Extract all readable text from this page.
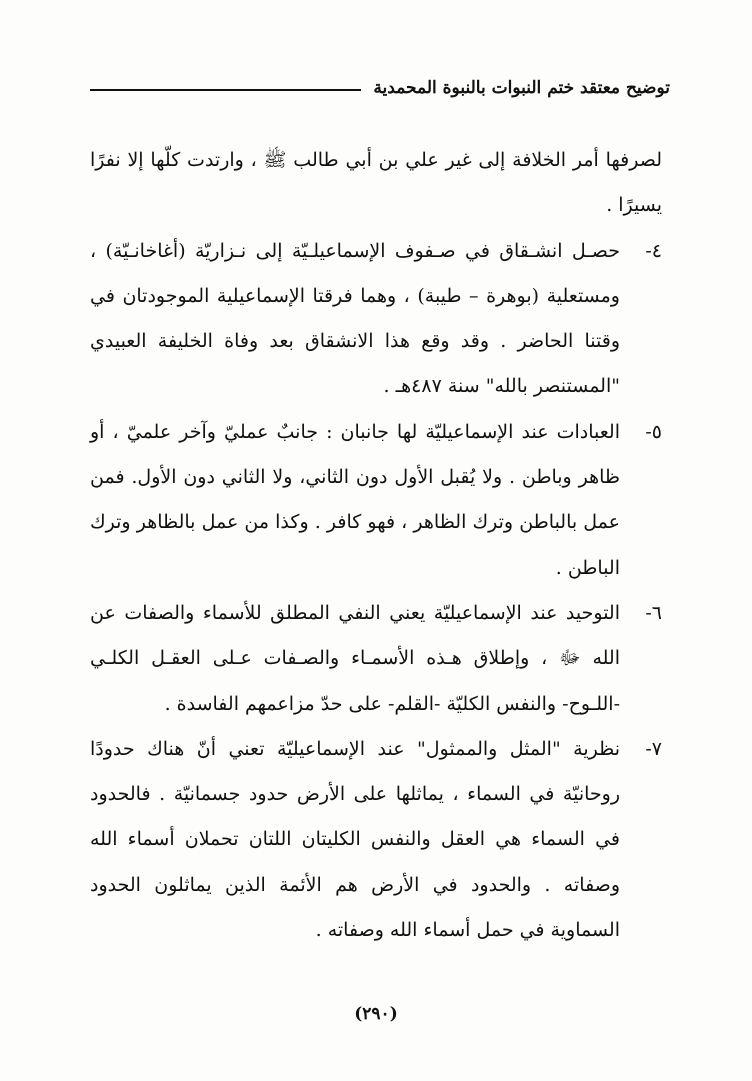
توضيح معتقد ختم النبوات بالنبوة المحمدية

لصرفها أمر الخلافة إلى غير علي بن أبي طالب ﷺ ، وارتدت كلّها إلا نفرًا يسيرًا .

٤-
حصـل انشـقاق في صـفوف الإسماعيلـيّة إلى نـزاريّة (أغاخانـيّة) ، ومستعلية (بوهرة – طيبة) ، وهما فرقتا الإسماعيلية الموجودتان في وقتنا الحاضر . وقد وقع هذا الانشقاق بعد وفاة الخليفة العبيدي "المستنصر بالله" سنة ٤٨٧هـ .

٥-
العبادات عند الإسماعيليّة لها جانبان : جانبٌ عمليّ وآخر علميّ ، أو ظاهر وباطن . ولا يُقبل الأول دون الثاني، ولا الثاني دون الأول. فمن عمل بالباطن وترك الظاهر ، فهو كافر . وكذا من عمل بالظاهر وترك الباطن .

٦-
التوحيد عند الإسماعيليّة يعني النفي المطلق للأسماء والصفات عن الله ﷻ ، وإطلاق هـذه الأسمـاء والصـفات عـلى العقـل الكلـي -اللـوح- والنفس الكليّة -القلم- على حدّ مزاعمهم الفاسدة .

٧-
نظرية "المثل والممثول" عند الإسماعيليّة تعني أنّ هناك حدودًا روحانيّة في السماء ، يماثلها على الأرض حدود جسمانيّة . فالحدود في السماء هي العقل والنفس الكليتان اللتان تحملان أسماء الله وصفاته . والحدود في الأرض هم الأئمة الذين يماثلون الحدود السماوية في حمل أسماء الله وصفاته .

(٢٩٠)
